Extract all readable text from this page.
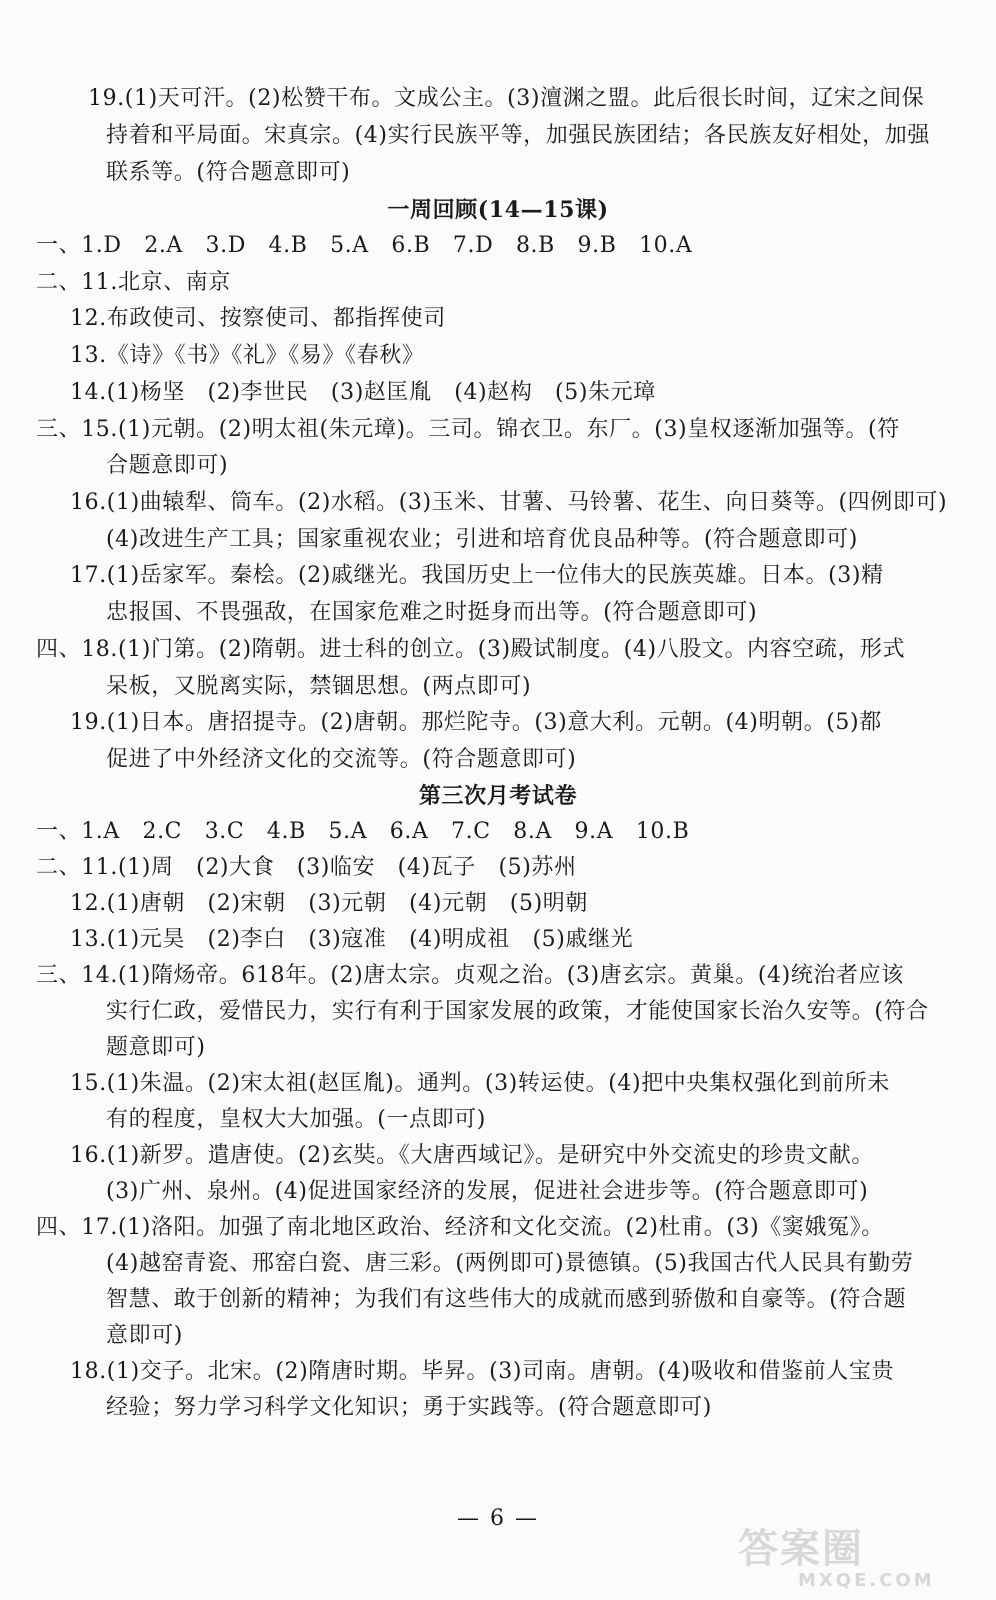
19.(1)天可汗。(2)松赞干布。文成公主。(3)澶渊之盟。此后很长时间，辽宋之间保
持着和平局面。宋真宗。(4)实行民族平等，加强民族团结；各民族友好相处，加强
联系等。(符合题意即可)
一周回顾(14—15课)
一、1.D　2.A　3.D　4.B　5.A　6.B　7.D　8.B　9.B　10.A
二、11.北京、南京
12.布政使司、按察使司、都指挥使司
13.《诗》《书》《礼》《易》《春秋》
14.(1)杨坚　(2)李世民　(3)赵匡胤　(4)赵构　(5)朱元璋
三、15.(1)元朝。(2)明太祖(朱元璋)。三司。锦衣卫。东厂。(3)皇权逐渐加强等。(符
合题意即可)
16.(1)曲辕犁、筒车。(2)水稻。(3)玉米、甘薯、马铃薯、花生、向日葵等。(四例即可)
(4)改进生产工具；国家重视农业；引进和培育优良品种等。(符合题意即可)
17.(1)岳家军。秦桧。(2)戚继光。我国历史上一位伟大的民族英雄。日本。(3)精
忠报国、不畏强敌，在国家危难之时挺身而出等。(符合题意即可)
四、18.(1)门第。(2)隋朝。进士科的创立。(3)殿试制度。(4)八股文。内容空疏，形式
呆板，又脱离实际，禁锢思想。(两点即可)
19.(1)日本。唐招提寺。(2)唐朝。那烂陀寺。(3)意大利。元朝。(4)明朝。(5)都
促进了中外经济文化的交流等。(符合题意即可)
第三次月考试卷
一、1.A　2.C　3.C　4.B　5.A　6.A　7.C　8.A　9.A　10.B
二、11.(1)周　(2)大食　(3)临安　(4)瓦子　(5)苏州
12.(1)唐朝　(2)宋朝　(3)元朝　(4)元朝　(5)明朝
13.(1)元昊　(2)李白　(3)寇准　(4)明成祖　(5)戚继光
三、14.(1)隋炀帝。618年。(2)唐太宗。贞观之治。(3)唐玄宗。黄巢。(4)统治者应该
实行仁政，爱惜民力，实行有利于国家发展的政策，才能使国家长治久安等。(符合
题意即可)
15.(1)朱温。(2)宋太祖(赵匡胤)。通判。(3)转运使。(4)把中央集权强化到前所未
有的程度，皇权大大加强。(一点即可)
16.(1)新罗。遣唐使。(2)玄奘。《大唐西域记》。是研究中外交流史的珍贵文献。
(3)广州、泉州。(4)促进国家经济的发展，促进社会进步等。(符合题意即可)
四、17.(1)洛阳。加强了南北地区政治、经济和文化交流。(2)杜甫。(3)《窦娥冤》。
(4)越窑青瓷、邢窑白瓷、唐三彩。(两例即可)景德镇。(5)我国古代人民具有勤劳
智慧、敢于创新的精神；为我们有这些伟大的成就而感到骄傲和自豪等。(符合题
意即可)
18.(1)交子。北宋。(2)隋唐时期。毕昇。(3)司南。唐朝。(4)吸收和借鉴前人宝贵
经验；努力学习科学文化知识；勇于实践等。(符合题意即可)
— 6 —
答案圈
MXQE.COM
